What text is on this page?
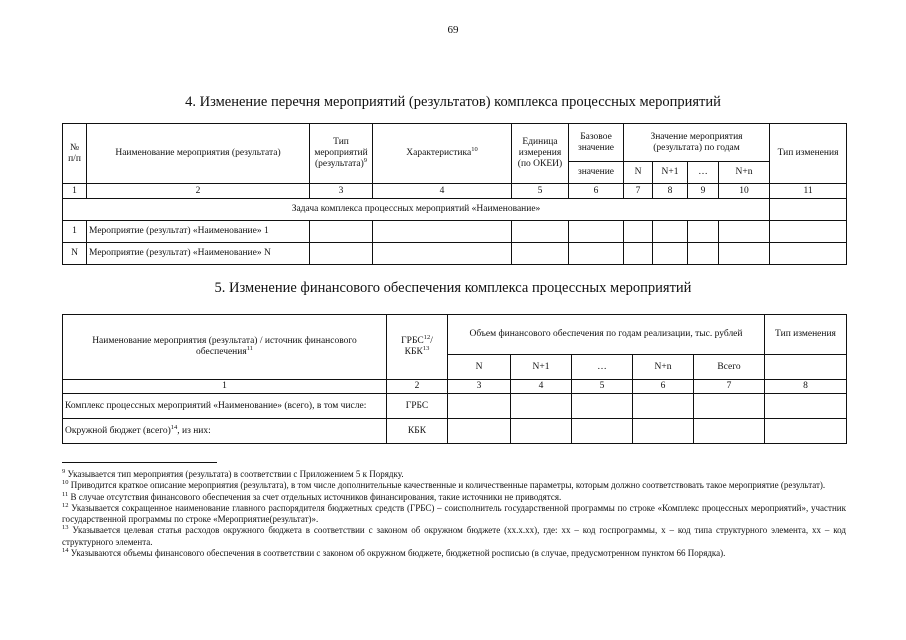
69
4. Изменение перечня мероприятий (результатов) комплекса процессных мероприятий
№ п/п	Наименование мероприятия (результата)	Тип мероприятий (результата)$^9$	Характеристика$^{10}$	Единица измерения (по ОКЕИ)	Базовое значение	Значение мероприятия (результата) по годам				Тип изменения
					значение	N	N+1	…	N+n	
1	2	3	4	5	6	7	8	9	10	11
Задача комплекса процессных мероприятий «Наименование»										
1	Мероприятие (результат) «Наименование» 1									
N	Мероприятие (результат) «Наименование» N									
5. Изменение финансового обеспечения комплекса процессных мероприятий
Наименование мероприятия (результата) / источник финансового обеспечения$^{11}$	ГРБС$^{12}$/ КБК$^{13}$	Объем финансового обеспечения по годам реализации, тыс. рублей					Тип изменения
		N	N+1	…	N+n	Всего	
1	2	3	4	5	6	7	8
Комплекс процессных мероприятий «Наименование» (всего), в том числе:	ГРБС						
Окружной бюджет (всего)$^{14}$, из них:	КБК						

$^9$ Указывается тип мероприятия (результата) в соответствии с Приложением 5 к Порядку.

$^{10}$ Приводится краткое описание мероприятия (результата), в том числе дополнительные качественные и количественные параметры, которым должно соответствовать такое мероприятие (результат).

$^{11}$ В случае отсутствия финансового обеспечения за счет отдельных источников финансирования, такие источники не приводятся.

$^{12}$ Указывается сокращенное наименование главного распорядителя бюджетных средств (ГРБС) – соисполнитель государственной программы по строке «Комплекс процессных мероприятий», участник государственной программы по строке «Мероприятие(результат)».

$^{13}$ Указывается целевая статья расходов окружного бюджета в соответствии с законом об окружном бюджете (хх.х.хх), где: хх – код госпрограммы, х – код типа структурного элемента, хх – код структурного элемента.

$^{14}$ Указываются объемы финансового обеспечения в соответствии с законом об окружном бюджете, бюджетной росписью (в случае, предусмотренном пунктом 66 Порядка).
